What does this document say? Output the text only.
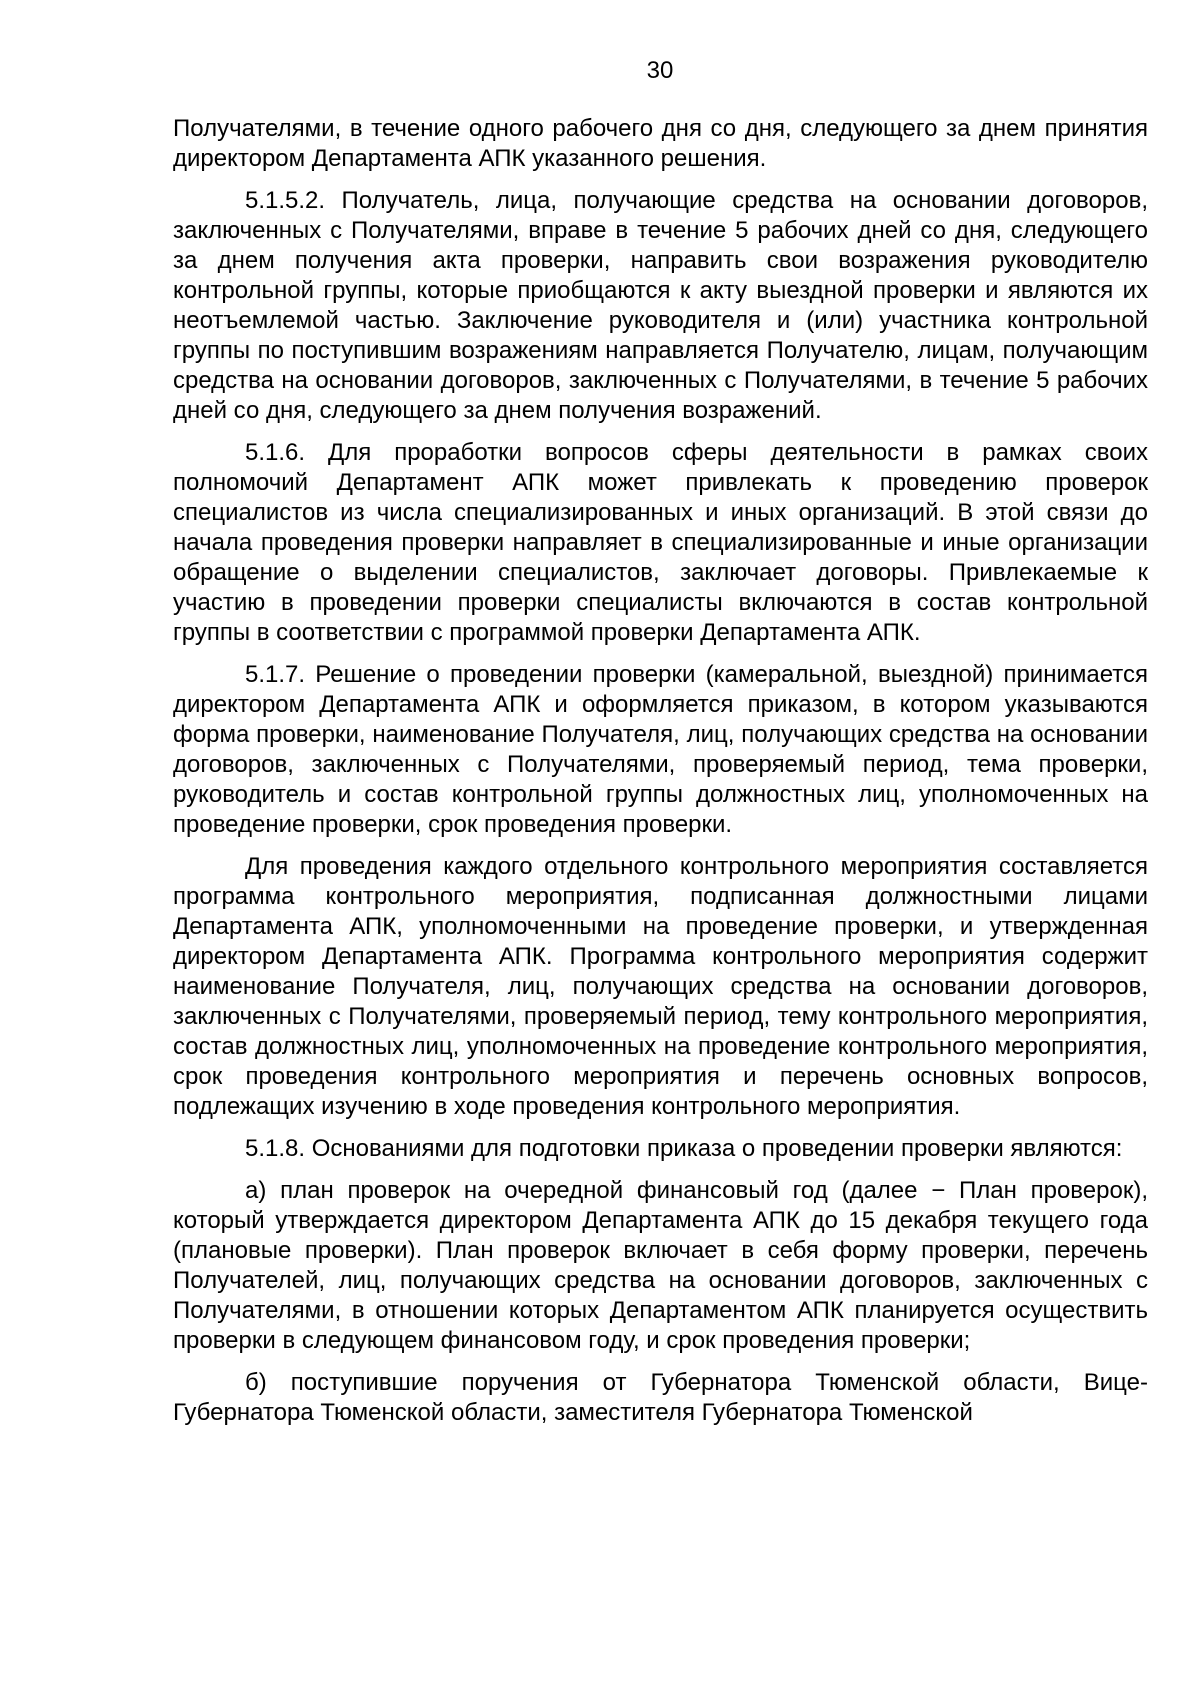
30

Получателями, в течение одного рабочего дня со дня, следующего за днем принятия директором Департамента АПК указанного решения.

5.1.5.2. Получатель, лица, получающие средства на основании договоров, заключенных с Получателями, вправе в течение 5 рабочих дней со дня, следующего за днем получения акта проверки, направить свои возражения руководителю контрольной группы, которые приобщаются к акту выездной проверки и являются их неотъемлемой частью. Заключение руководителя и (или) участника контрольной группы по поступившим возражениям направляется Получателю, лицам, получающим средства на основании договоров, заключенных с Получателями, в течение 5 рабочих дней со дня, следующего за днем получения возражений.

5.1.6. Для проработки вопросов сферы деятельности в рамках своих полномочий Департамент АПК может привлекать к проведению проверок специалистов из числа специализированных и иных организаций. В этой связи до начала проведения проверки направляет в специализированные и иные организации обращение о выделении специалистов, заключает договоры. Привлекаемые к участию в проведении проверки специалисты включаются в состав контрольной группы в соответствии с программой проверки Департамента АПК.

5.1.7. Решение о проведении проверки (камеральной, выездной) принимается директором Департамента АПК и оформляется приказом, в котором указываются форма проверки, наименование Получателя, лиц, получающих средства на основании договоров, заключенных с Получателями, проверяемый период, тема проверки, руководитель и состав контрольной группы должностных лиц, уполномоченных на проведение проверки, срок проведения проверки.

Для проведения каждого отдельного контрольного мероприятия составляется программа контрольного мероприятия, подписанная должностными лицами Департамента АПК, уполномоченными на проведение проверки, и утвержденная директором Департамента АПК. Программа контрольного мероприятия содержит наименование Получателя, лиц, получающих средства на основании договоров, заключенных с Получателями, проверяемый период, тему контрольного мероприятия, состав должностных лиц, уполномоченных на проведение контрольного мероприятия, срок проведения контрольного мероприятия и перечень основных вопросов, подлежащих изучению в ходе проведения контрольного мероприятия.

5.1.8. Основаниями для подготовки приказа о проведении проверки являются:

а) план проверок на очередной финансовый год (далее − План проверок), который утверждается директором Департамента АПК до 15 декабря текущего года (плановые проверки). План проверок включает в себя форму проверки, перечень Получателей, лиц, получающих средства на основании договоров, заключенных с Получателями, в отношении которых Департаментом АПК планируется осуществить проверки в следующем финансовом году, и срок проведения проверки;

б) поступившие поручения от Губернатора Тюменской области, Вице-Губернатора Тюменской области, заместителя Губернатора Тюменской
